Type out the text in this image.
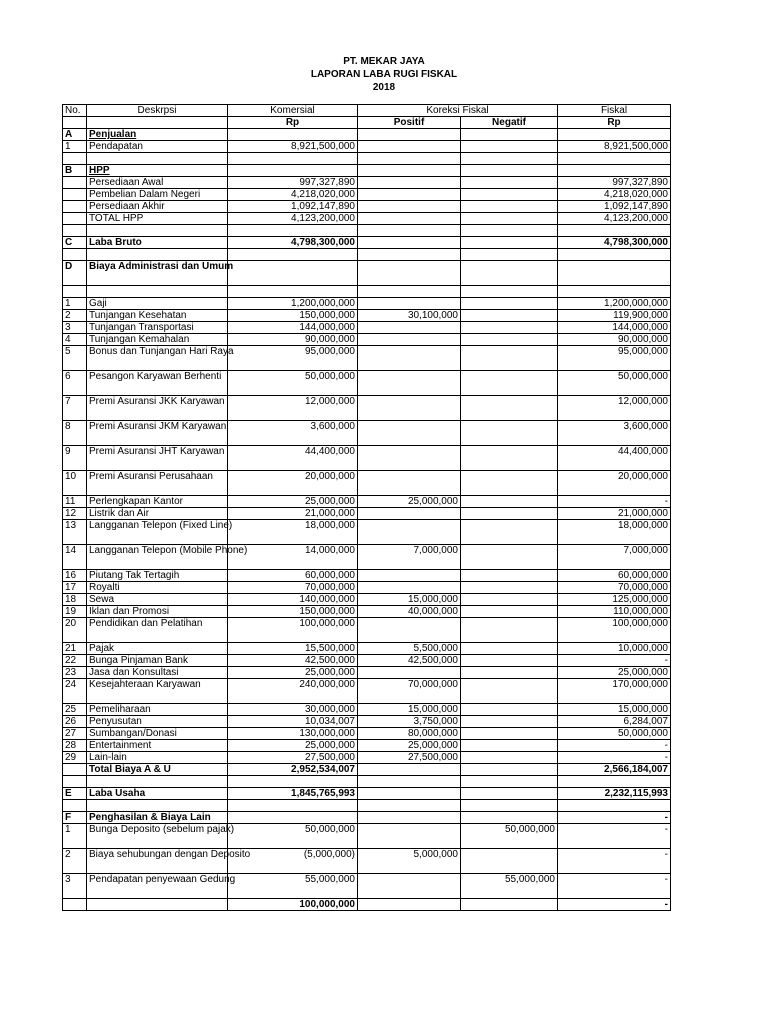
PT. MEKAR JAYA
LAPORAN LABA RUGI FISKAL
2018
No.	Deskrpsi	Komersial	Koreksi Fiskal		Fiskal
		Rp	Positif	Negatif	Rp
A	Penjualan				
1	Pendapatan	8,921,500,000			8,921,500,000

B	HPP				
	Persediaan Awal	997,327,890			997,327,890
	Pembelian Dalam Negeri	4,218,020,000			4,218,020,000
	Persediaan Akhir	1,092,147,890			1,092,147,890
	TOTAL HPP	4,123,200,000			4,123,200,000

C	Laba Bruto	4,798,300,000			4,798,300,000

D	Biaya Administrasi dan Umum				

1	Gaji	1,200,000,000			1,200,000,000
2	Tunjangan Kesehatan	150,000,000	30,100,000		119,900,000
3	Tunjangan Transportasi	144,000,000			144,000,000
4	Tunjangan Kemahalan	90,000,000			90,000,000
5	Bonus dan Tunjangan Hari Raya	95,000,000			95,000,000
6	Pesangon Karyawan Berhenti	50,000,000			50,000,000
7	Premi Asuransi JKK Karyawan	12,000,000			12,000,000
8	Premi Asuransi JKM Karyawan	3,600,000			3,600,000
9	Premi Asuransi JHT Karyawan	44,400,000			44,400,000
10	Premi Asuransi Perusahaan	20,000,000			20,000,000
11	Perlengkapan Kantor	25,000,000	25,000,000		-
12	Listrik dan Air	21,000,000			21,000,000
13	Langganan Telepon (Fixed Line)	18,000,000			18,000,000
14	Langganan Telepon (Mobile Phone)	14,000,000	7,000,000		7,000,000
16	Piutang Tak Tertagih	60,000,000			60,000,000
17	Royalti	70,000,000			70,000,000
18	Sewa	140,000,000	15,000,000		125,000,000
19	Iklan dan Promosi	150,000,000	40,000,000		110,000,000
20	Pendidikan dan Pelatihan	100,000,000			100,000,000
21	Pajak	15,500,000	5,500,000		10,000,000
22	Bunga Pinjaman Bank	42,500,000	42,500,000		-
23	Jasa dan Konsultasi	25,000,000			25,000,000
24	Kesejahteraan Karyawan	240,000,000	70,000,000		170,000,000
25	Pemeliharaan	30,000,000	15,000,000		15,000,000
26	Penyusutan	10,034,007	3,750,000		6,284,007
27	Sumbangan/Donasi	130,000,000	80,000,000		50,000,000
28	Entertainment	25,000,000	25,000,000		-
29	Lain-lain	27,500,000	27,500,000		-
	Total Biaya A & U	2,952,534,007			2,566,184,007

E	Laba Usaha	1,845,765,993			2,232,115,993

F	Penghasilan & Biaya Lain				-
1	Bunga Deposito (sebelum pajak)	50,000,000		50,000,000	-
2	Biaya sehubungan dengan Deposito	(5,000,000)	5,000,000		-
3	Pendapatan penyewaan Gedung	55,000,000		55,000,000	-
		100,000,000			-
